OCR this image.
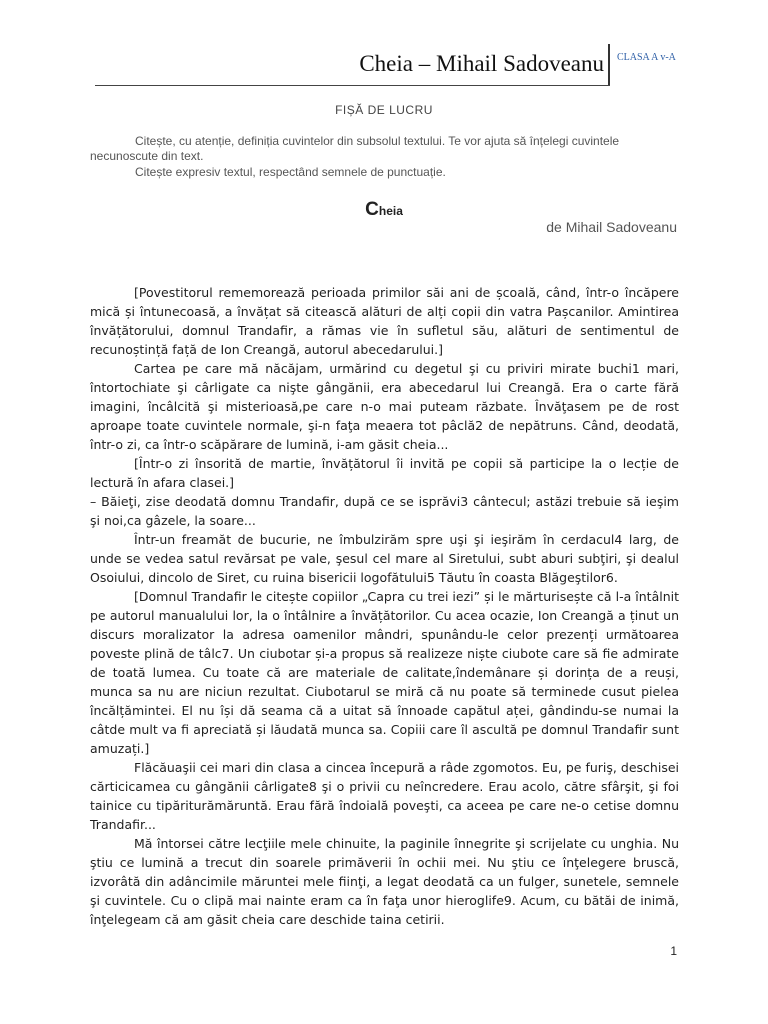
Cheia – Mihail Sadoveanu CLASA A v-A
FIȘĂ DE LUCRU
Citește, cu atenție, definiția cuvintelor din subsolul textului. Te vor ajuta să înțelegi cuvintele necunoscute din text.
Citește expresiv textul, respectând semnele de punctuație.
Cheia
de Mihail Sadoveanu

[Povestitorul rememorează perioada primilor săi ani de școală, când, într-o încăpere mică și întunecoasă, a învățat să citească alături de alți copii din vatra Pașcanilor. Amintirea învățătorului, domnul Trandafir, a rămas vie în sufletul său, alături de sentimentul de recunoștință față de Ion Creangă, autorul abecedarului.]

Cartea pe care mă năcăjam, urmărind cu degetul şi cu priviri mirate buchi1 mari, întortochiate şi cârligate ca nişte gângănii, era abecedarul lui Creangă. Era o carte fără imagini, încâlcită şi misterioasă,pe care n-o mai puteam răzbate. Învăţasem pe de rost aproape toate cuvintele normale, şi-n faţa meaera tot pâclă2 de nepătruns. Când, deodată, într-o zi, ca într-o scăpărare de lumină, i-am găsit cheia...

[Într-o zi însorită de martie, învățătorul îi invită pe copii să participe la o lecție de lectură în afara clasei.]

– Băieţi, zise deodată domnu Trandafir, după ce se isprăvi3 cântecul; astăzi trebuie să ieşim şi noi,ca gâzele, la soare...

Într-un freamăt de bucurie, ne îmbulzirăm spre uşi şi ieşirăm în cerdacul4 larg, de unde se vedea satul revărsat pe vale, şesul cel mare al Siretului, subt aburi subţiri, şi dealul Osoiului, dincolo de Siret, cu ruina bisericii logofătului5 Tăutu în coasta Blăgeştilor6.

[Domnul Trandafir le citește copiilor „Capra cu trei iezi” și le mărturisește că l-a întâlnit pe autorul manualului lor, la o întâlnire a învățătorilor. Cu acea ocazie, Ion Creangă a ținut un discurs moralizator la adresa oamenilor mândri, spunându-le celor prezenți următoarea poveste plină de tâlc7. Un ciubotar și-a propus să realizeze niște ciubote care să fie admirate de toată lumea. Cu toate că are materiale de calitate,îndemânare și dorința de a reuși, munca sa nu are niciun rezultat. Ciubotarul se miră că nu poate să terminede cusut pielea încălțămintei. El nu își dă seama că a uitat să înnoade capătul aței, gândindu-se numai la câtde mult va fi apreciată și lăudată munca sa. Copiii care îl ascultă pe domnul Trandafir sunt amuzați.]

Flăcăuaşii cei mari din clasa a cincea începură a râde zgomotos. Eu, pe furiş, deschisei cărticicamea cu gângănii cârligate8 şi o privii cu neîncredere. Erau acolo, către sfârşit, şi foi tainice cu tipăriturămăruntă. Erau fără îndoială poveşti, ca aceea pe care ne-o cetise domnu Trandafir...

Mă întorsei către lecţiile mele chinuite, la paginile înnegrite şi scrijelate cu unghia. Nu ştiu ce lumină a trecut din soarele primăverii în ochii mei. Nu ştiu ce înţelegere bruscă, izvorâtă din adâncimile măruntei mele fiinţi, a legat deodată ca un fulger, sunetele, semnele şi cuvintele. Cu o clipă mai nainte eram ca în faţa unor hieroglife9. Acum, cu bătăi de inimă, înţelegeam că am găsit cheia care deschide taina cetirii.

1
